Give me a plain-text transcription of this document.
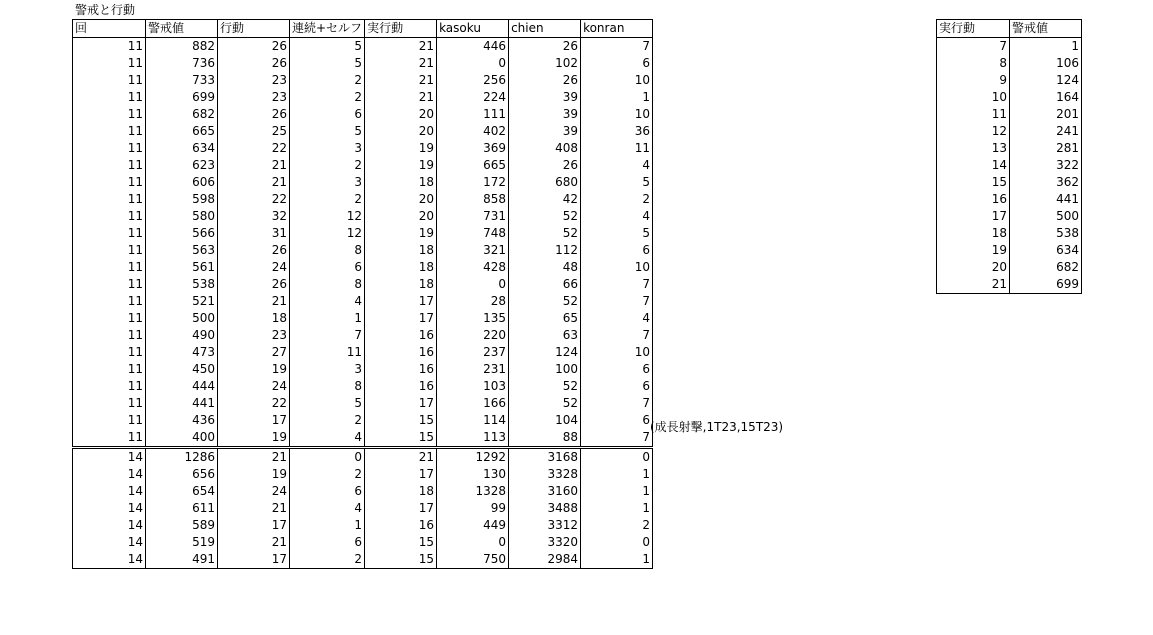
警戒と行動
回	警戒値	行動	連続+セルフ	実行動	kasoku	chien	konran
11	882	26	5	21	446	26	7
11	736	26	5	21	0	102	6
11	733	23	2	21	256	26	10
11	699	23	2	21	224	39	1
11	682	26	6	20	111	39	10
11	665	25	5	20	402	39	36
11	634	22	3	19	369	408	11
11	623	21	2	19	665	26	4
11	606	21	3	18	172	680	5
11	598	22	2	20	858	42	2
11	580	32	12	20	731	52	4
11	566	31	12	19	748	52	5
11	563	26	8	18	321	112	6
11	561	24	6	18	428	48	10
11	538	26	8	18	0	66	7
11	521	21	4	17	28	52	7
11	500	18	1	17	135	65	4
11	490	23	7	16	220	63	7
11	473	27	11	16	237	124	10
11	450	19	3	16	231	100	6
11	444	24	8	16	103	52	6
11	441	22	5	17	166	52	7
11	436	17	2	15	114	104	6
11	400	19	4	15	113	88	7
14	1286	21	0	21	1292	3168	0
14	656	19	2	17	130	3328	1
14	654	24	6	18	1328	3160	1
14	611	21	4	17	99	3488	1
14	589	17	1	16	449	3312	2
14	519	21	6	15	0	3320	0
14	491	17	2	15	750	2984	1
(成長射撃,1T23,15T23)
実行動	警戒値
7	1
8	106
9	124
10	164
11	201
12	241
13	281
14	322
15	362
16	441
17	500
18	538
19	634
20	682
21	699
